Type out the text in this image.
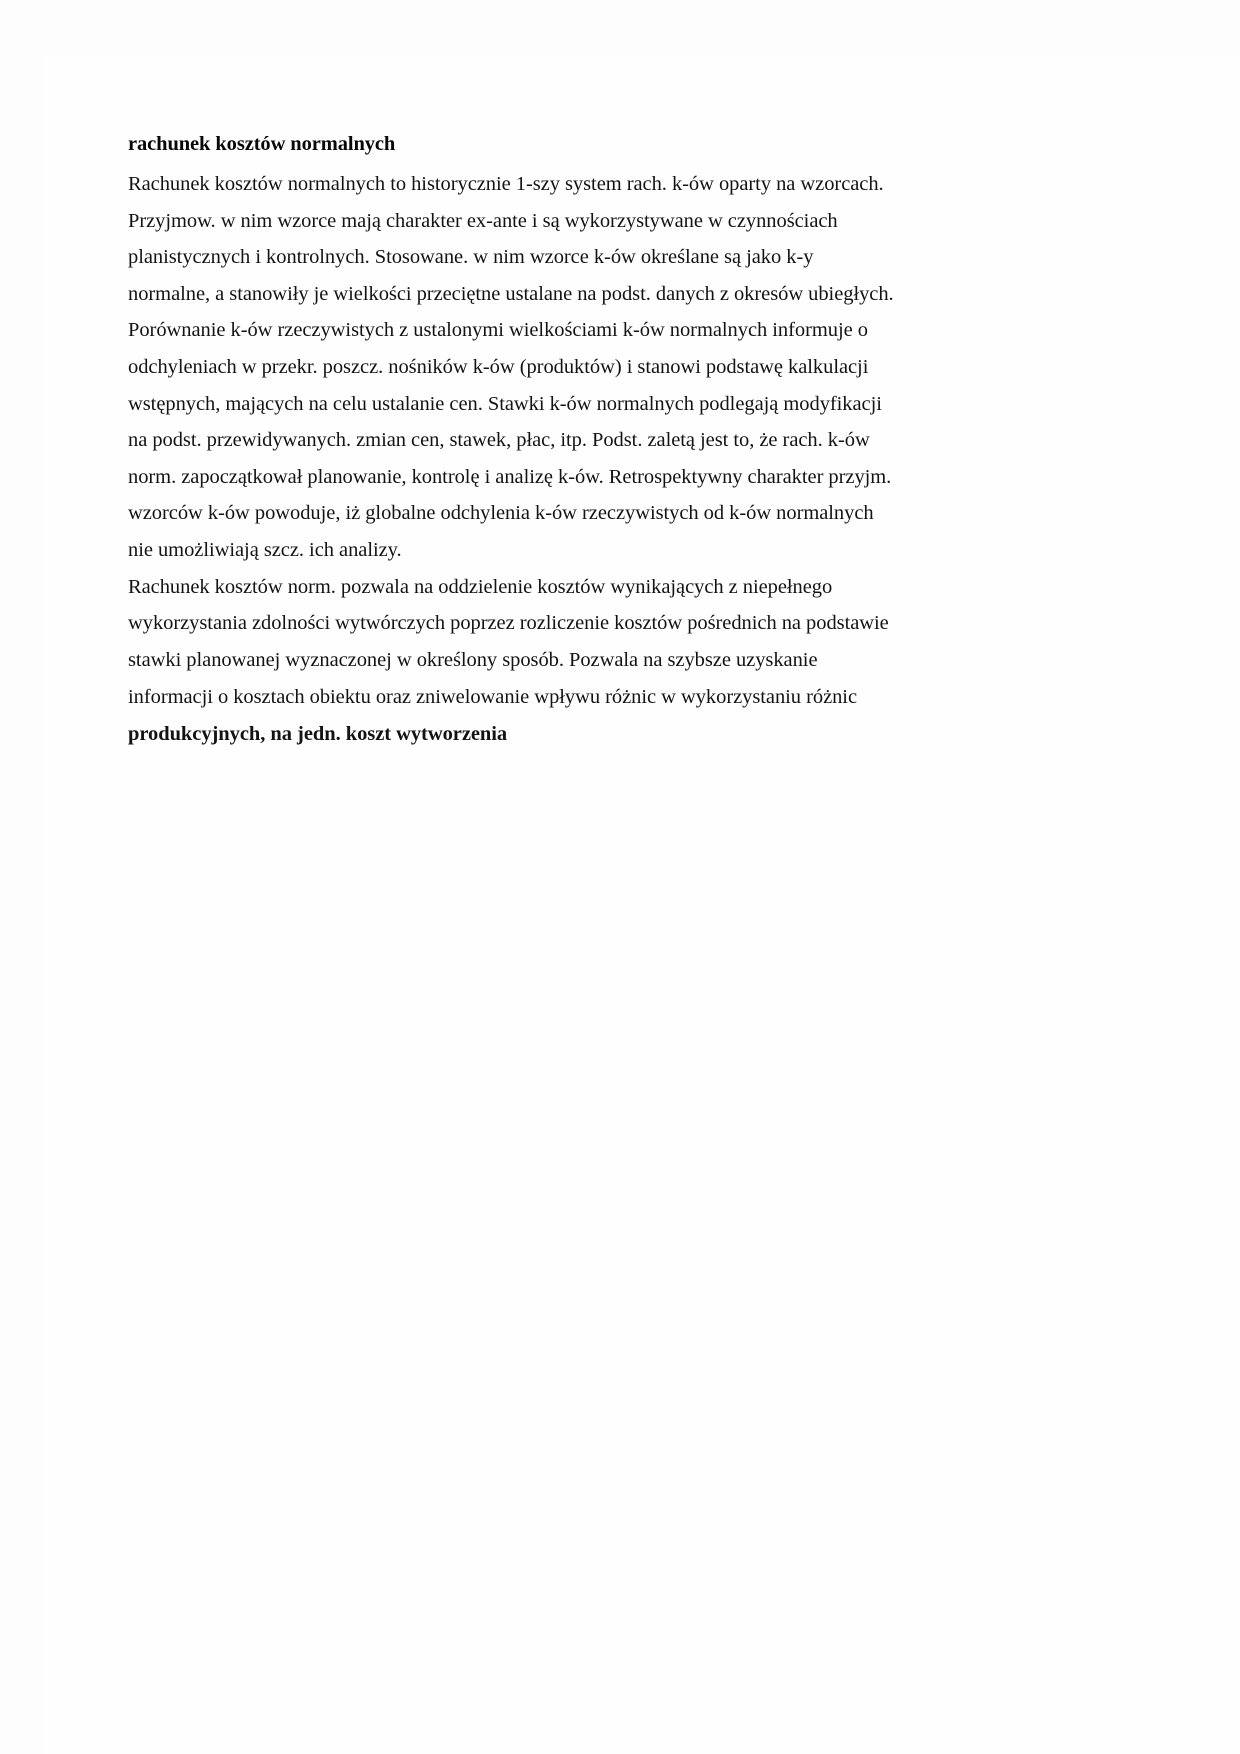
rachunek kosztów normalnych

Rachunek kosztów normalnych to historycznie 1-szy system rach. k-ów oparty na wzorcach.
Przyjmow. w nim wzorce mają charakter ex-ante i są wykorzystywane w czynnościach
planistycznych i kontrolnych. Stosowane. w nim wzorce k-ów określane są jako k-y
normalne, a stanowiły je wielkości przeciętne ustalane na podst. danych z okresów ubiegłych.
Porównanie k-ów rzeczywistych z ustalonymi wielkościami k-ów normalnych informuje o
odchyleniach w przekr. poszcz. nośników k-ów (produktów) i stanowi podstawę kalkulacji
wstępnych, mających na celu ustalanie cen. Stawki k-ów normalnych podlegają modyfikacji
na podst. przewidywanych. zmian cen, stawek, płac, itp. Podst. zaletą jest to, że rach. k-ów
norm. zapoczątkował planowanie, kontrolę i analizę k-ów. Retrospektywny charakter przyjm.
wzorców k-ów powoduje, iż globalne odchylenia k-ów rzeczywistych od k-ów normalnych
nie umożliwiają szcz. ich analizy.

Rachunek kosztów norm. pozwala na oddzielenie kosztów wynikających z niepełnego
wykorzystania zdolności wytwórczych poprzez rozliczenie kosztów pośrednich na podstawie
stawki planowanej wyznaczonej w określony sposób. Pozwala na szybsze uzyskanie
informacji o kosztach obiektu oraz zniwelowanie wpływu różnic w wykorzystaniu różnic
produkcyjnych, na jedn. koszt wytworzenia
